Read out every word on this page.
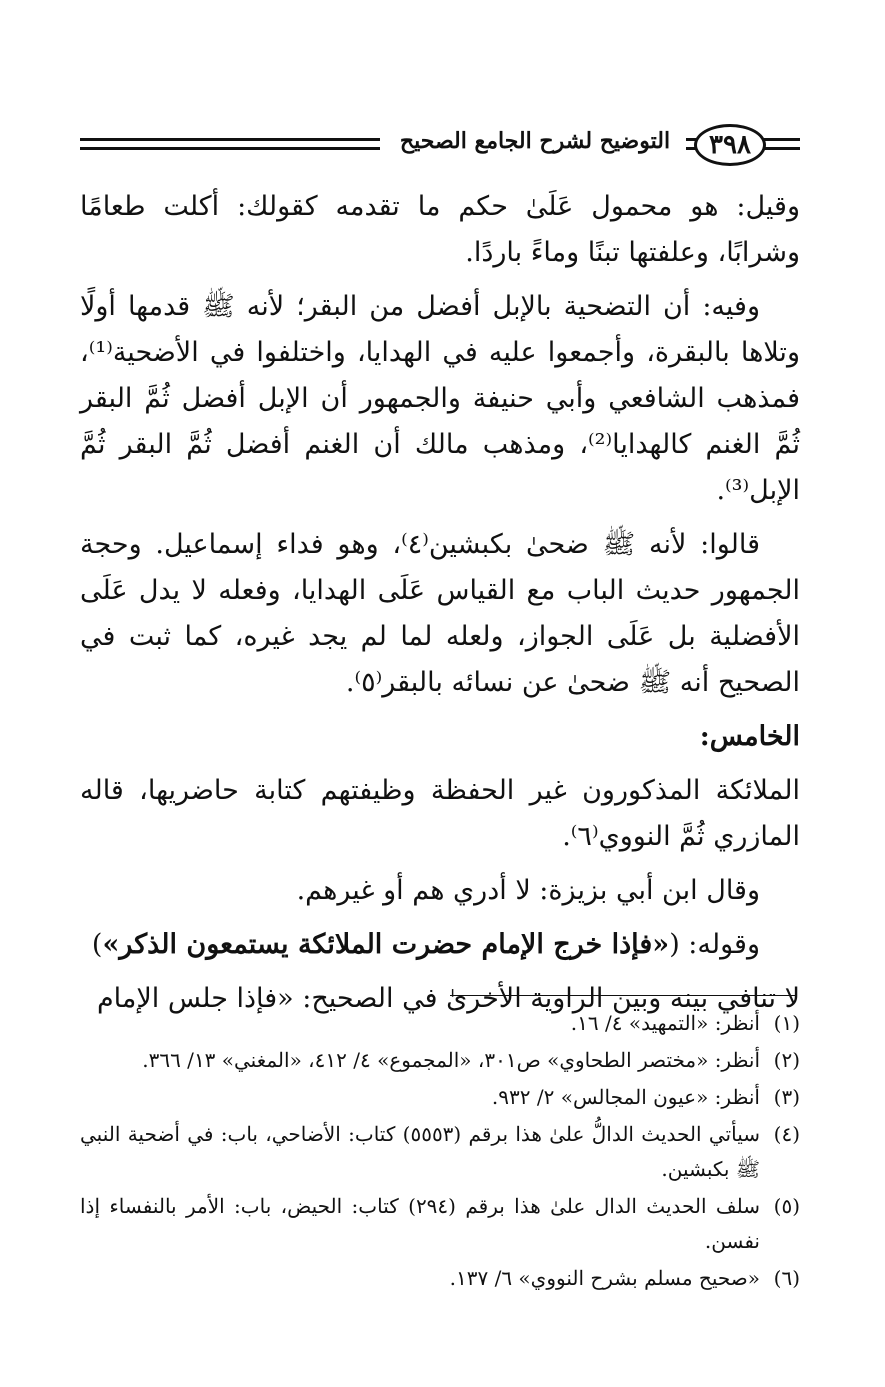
٣٩٨
التوضيح لشرح الجامع الصحيح

وقيل: هو محمول عَلَىٰ حكم ما تقدمه كقولك: أكلت طعامًا وشرابًا، وعلفتها تبنًا وماءً باردًا.

وفيه: أن التضحية بالإبل أفضل من البقر؛ لأنه ﷺ قدمها أولًا وتلاها بالبقرة، وأجمعوا عليه في الهدايا، واختلفوا في الأضحية⁽¹⁾، فمذهب الشافعي وأبي حنيفة والجمهور أن الإبل أفضل ثُمَّ البقر ثُمَّ الغنم كالهدايا⁽²⁾، ومذهب مالك أن الغنم أفضل ثُمَّ البقر ثُمَّ الإبل⁽³⁾.

قالوا: لأنه ﷺ ضحىٰ بكبشين⁽٤⁾، وهو فداء إسماعيل. وحجة الجمهور حديث الباب مع القياس عَلَى الهدايا، وفعله لا يدل عَلَى الأفضلية بل عَلَى الجواز، ولعله لما لم يجد غيره، كما ثبت في الصحيح أنه ﷺ ضحىٰ عن نسائه بالبقر⁽٥⁾.

الخامس:

الملائكة المذكورون غير الحفظة وظيفتهم كتابة حاضريها، قاله المازري ثُمَّ النووي⁽٦⁾.

وقال ابن أبي بزيزة: لا أدري هم أو غيرهم.

وقوله: («فإذا خرج الإمام حضرت الملائكة يستمعون الذكر»)

لا تنافي بينه وبين الراوية الأخرىٰ في الصحيح: «فإذا جلس الإمام

(١)
أنظر: «التمهيد» ٤/ ١٦.
(٢)
أنظر: «مختصر الطحاوي» ص٣٠١، «المجموع» ٤/ ٤١٢، «المغني» ١٣/ ٣٦٦.
(٣)
أنظر: «عيون المجالس» ٢/ ٩٣٢.
(٤)
سيأتي الحديث الدالُّ علىٰ هذا برقم (٥٥٥٣) كتاب: الأضاحي، باب: في أضحية النبي ﷺ بكبشين.
(٥)
سلف الحديث الدال علىٰ هذا برقم (٢٩٤) كتاب: الحيض، باب: الأمر بالنفساء إذا نفسن.
(٦)
«صحيح مسلم بشرح النووي» ٦/ ١٣٧.
